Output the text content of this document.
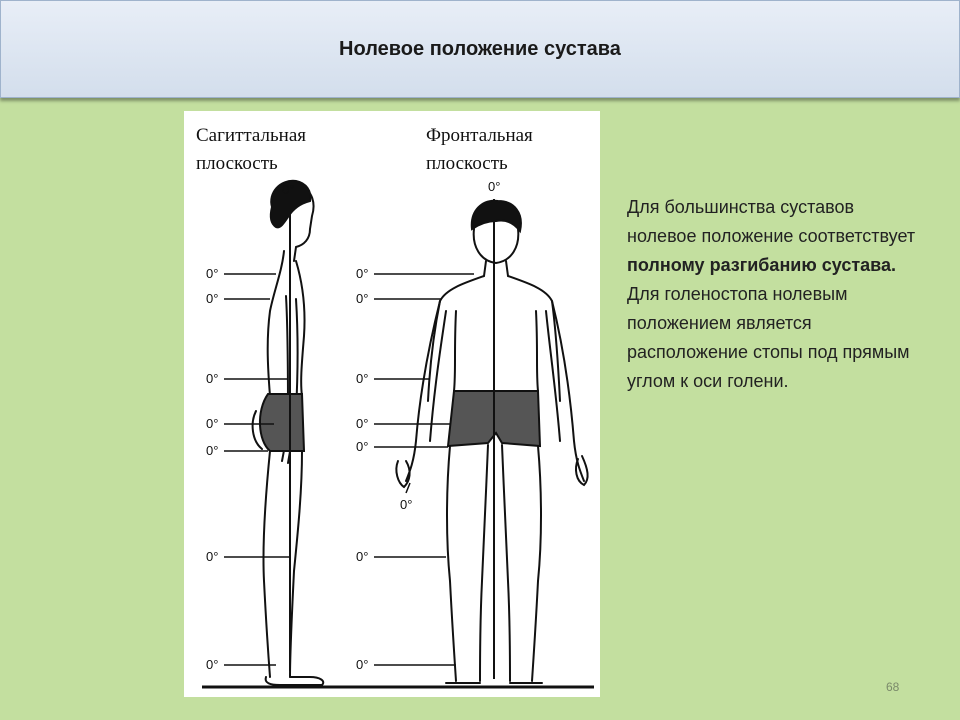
Нолевое положение сустава
Сагиттальная
плоскость
Фронтальная
плоскость
0°
0°
0°
0°
0°
0°
0°
0°
0°
0°
0°
0°
0°
0°
0°
0°
0°
Для большинства суставов нолевое положение соответствует полному разгибанию сустава. Для голеностопа нолевым положением является расположение стопы под прямым углом к оси голени.
68
